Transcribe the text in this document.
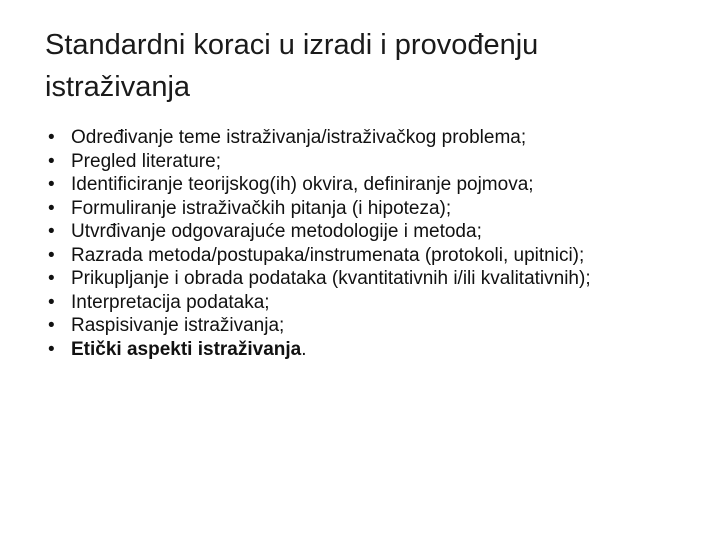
Standardni koraci u izradi i provođenju istraživanja
• Određivanje teme istraživanja/istraživačkog problema;
• Pregled literature;
• Identificiranje teorijskog(ih) okvira, definiranje pojmova;
• Formuliranje istraživačkih pitanja (i hipoteza);
• Utvrđivanje odgovarajuće metodologije i metoda;
• Razrada metoda/postupaka/instrumenata (protokoli, upitnici);
• Prikupljanje i obrada podataka (kvantitativnih i/ili kvalitativnih);
• Interpretacija podataka;
• Raspisivanje istraživanja;
• Etički aspekti istraživanja.
